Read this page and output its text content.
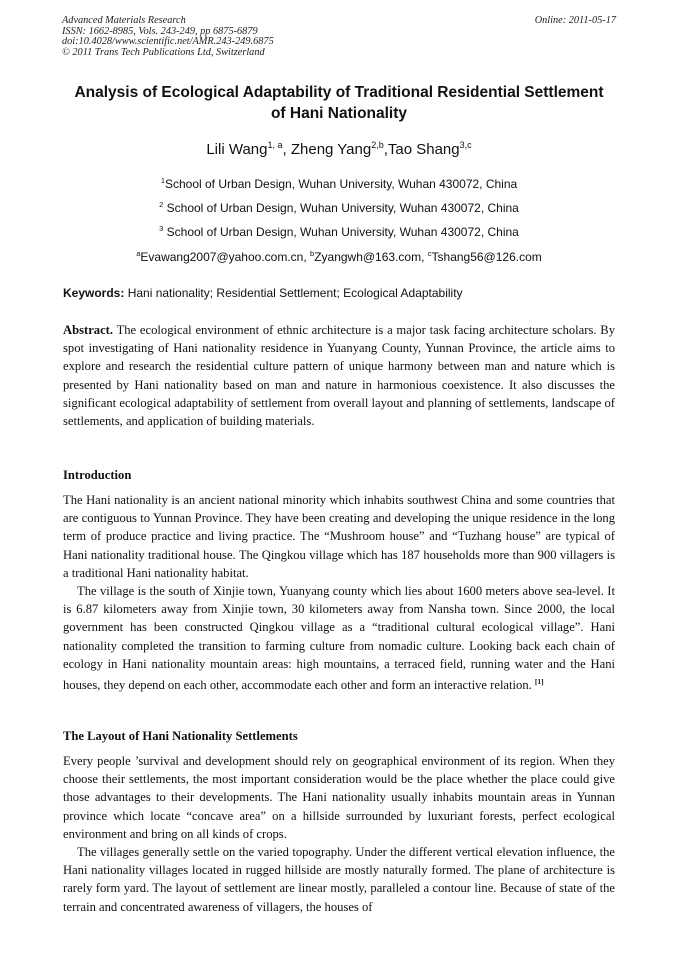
Advanced Materials Research
ISSN: 1662-8985, Vols. 243-249, pp 6875-6879
doi:10.4028/www.scientific.net/AMR.243-249.6875
© 2011 Trans Tech Publications Ltd, Switzerland
Online: 2011-05-17
Analysis of Ecological Adaptability of Traditional Residential Settlement
of Hani Nationality
Lili Wang$^{1, a}$, Zheng Yang$^{2,b}$,Tao Shang$^{3,c}$
$^1$School of Urban Design, Wuhan University, Wuhan 430072, China
$^2$ School of Urban Design, Wuhan University, Wuhan 430072, China
$^3$ School of Urban Design, Wuhan University, Wuhan 430072, China
$^a$Evawang2007@yahoo.com.cn, $^b$Zyangwh@163.com, $^c$Tshang56@126.com
Keywords: Hani nationality; Residential Settlement; Ecological Adaptability

Abstract. The ecological environment of ethnic architecture is a major task facing architecture scholars. By spot investigating of Hani nationality residence in Yuanyang County, Yunnan Province, the article aims to explore and research the residential culture pattern of unique harmony between man and nature which is presented by Hani nationality based on man and nature in harmonious coexistence. It also discusses the significant ecological adaptability of settlement from overall layout and planning of settlements, landscape of settlements, and application of building materials.

Introduction

The Hani nationality is an ancient national minority which inhabits southwest China and some countries that are contiguous to Yunnan Province. They have been creating and developing the unique residence in the long term of produce practice and living practice. The “Mushroom house” and “Tuzhang house” are typical of Hani nationality traditional house. The Qingkou village which has 187 households more than 900 villagers is a traditional Hani nationality habitat.

The village is the south of Xinjie town, Yuanyang county which lies about 1600 meters above sea-level. It is 6.87 kilometers away from Xinjie town, 30 kilometers away from Nansha town. Since 2000, the local government has been constructed Qingkou village as a “traditional cultural ecological village”. Hani nationality completed the transition to farming culture from nomadic culture. Looking back each chain of ecology in Hani nationality mountain areas: high mountains, a terraced field, running water and the Hani houses, they depend on each other, accommodate each other and form an interactive relation. [1]

The Layout of Hani Nationality Settlements

Every people ’survival and development should rely on geographical environment of its region. When they choose their settlements, the most important consideration would be the place whether the place could give those advantages to their developments. The Hani nationality usually inhabits mountain areas in Yunnan province which locate “concave area” on a hillside surrounded by luxuriant forests, perfect ecological environment and bring on all kinds of crops.

The villages generally settle on the varied topography. Under the different vertical elevation influence, the Hani nationality villages located in rugged hillside are mostly naturally formed. The plane of architecture is rarely form yard. The layout of settlement are linear mostly, paralleled a contour line. Because of state of the terrain and concentrated awareness of villagers, the houses of
